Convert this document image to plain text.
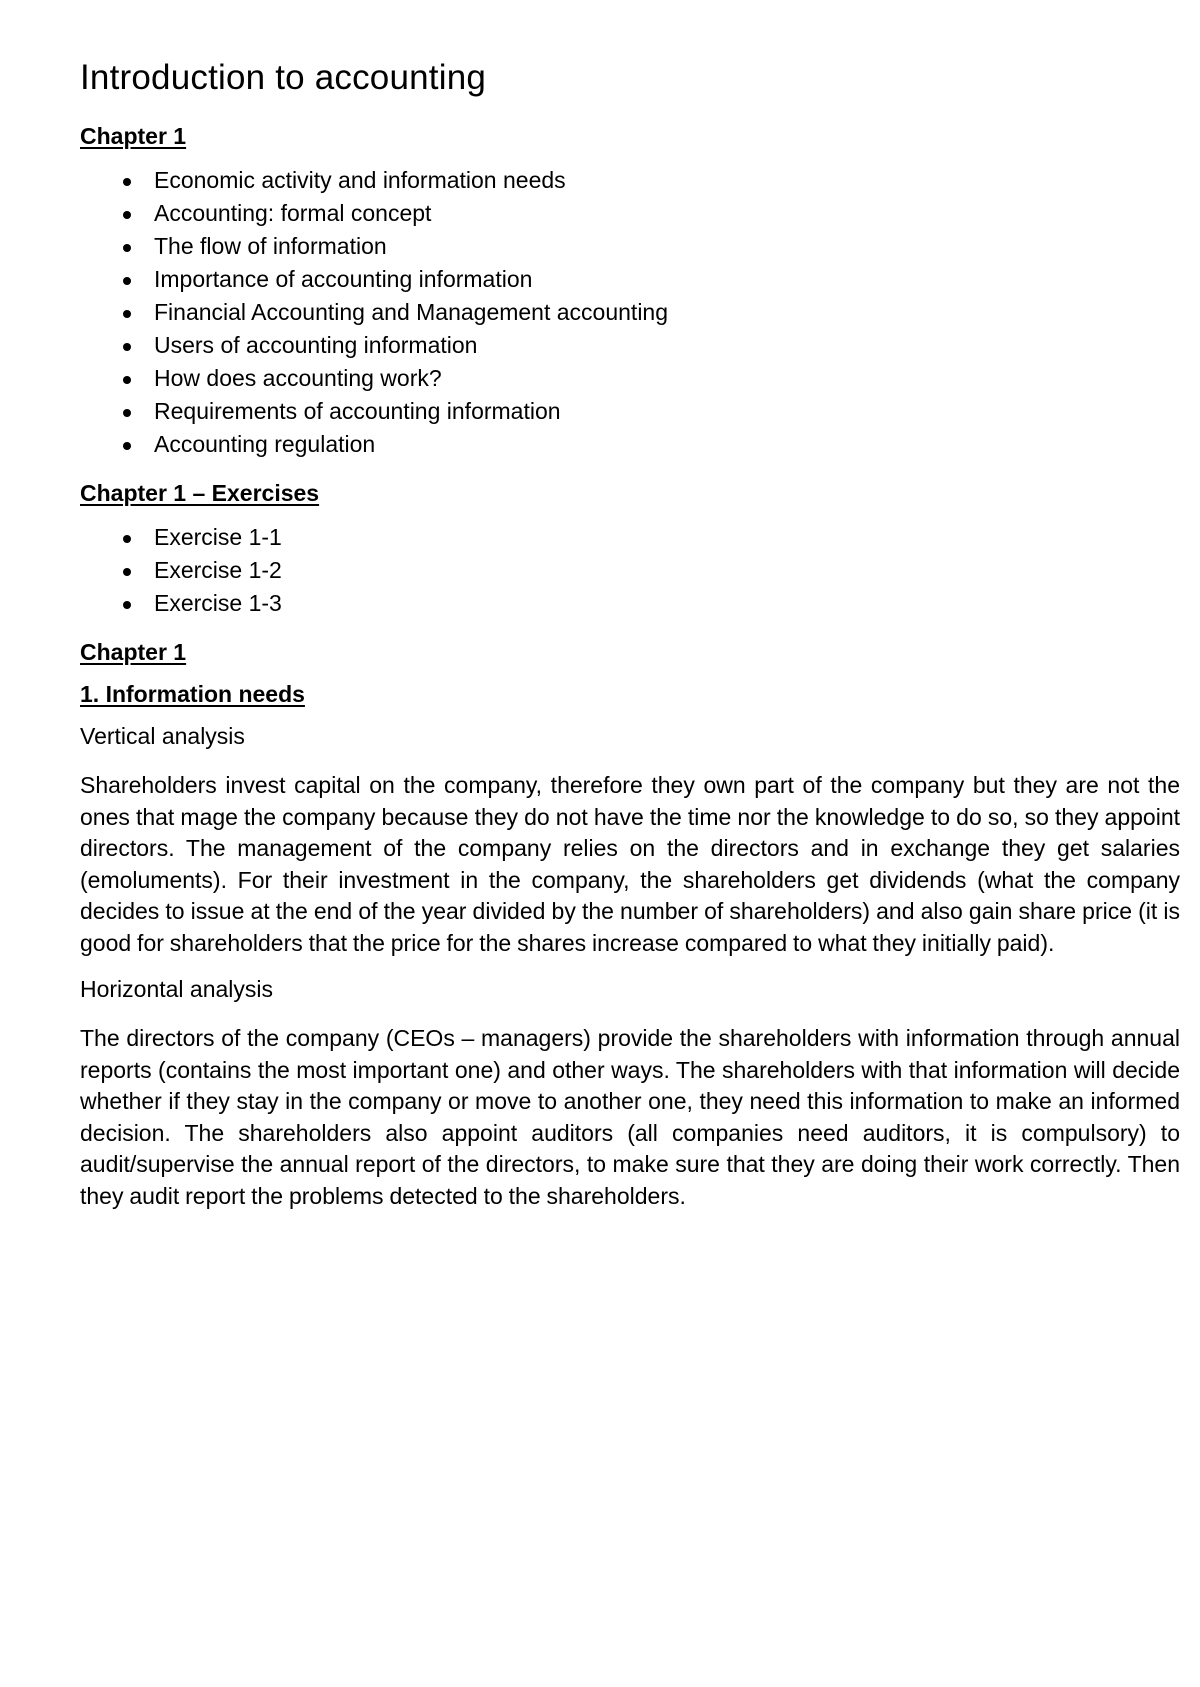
Introduction to accounting
Chapter 1
Economic activity and information needs
Accounting: formal concept
The flow of information
Importance of accounting information
Financial Accounting and Management accounting
Users of accounting information
How does accounting work?
Requirements of accounting information
Accounting regulation
Chapter 1 – Exercises
Exercise 1-1
Exercise 1-2
Exercise 1-3
Chapter 1
1. Information needs
Vertical analysis

Shareholders invest capital on the company, therefore they own part of the company but they are not the ones that mage the company because they do not have the time nor the knowledge to do so, so they appoint directors. The management of the company relies on the directors and in exchange they get salaries (emoluments). For their investment in the company, the shareholders get dividends (what the company decides to issue at the end of the year divided by the number of shareholders) and also gain share price (it is good for shareholders that the price for the shares increase compared to what they initially paid).

Horizontal analysis

The directors of the company (CEOs – managers) provide the shareholders with information through annual reports (contains the most important one) and other ways. The shareholders with that information will decide whether if they stay in the company or move to another one, they need this information to make an informed decision. The shareholders also appoint auditors (all companies need auditors, it is compulsory) to audit/supervise the annual report of the directors, to make sure that they are doing their work correctly. Then they audit report the problems detected to the shareholders.
